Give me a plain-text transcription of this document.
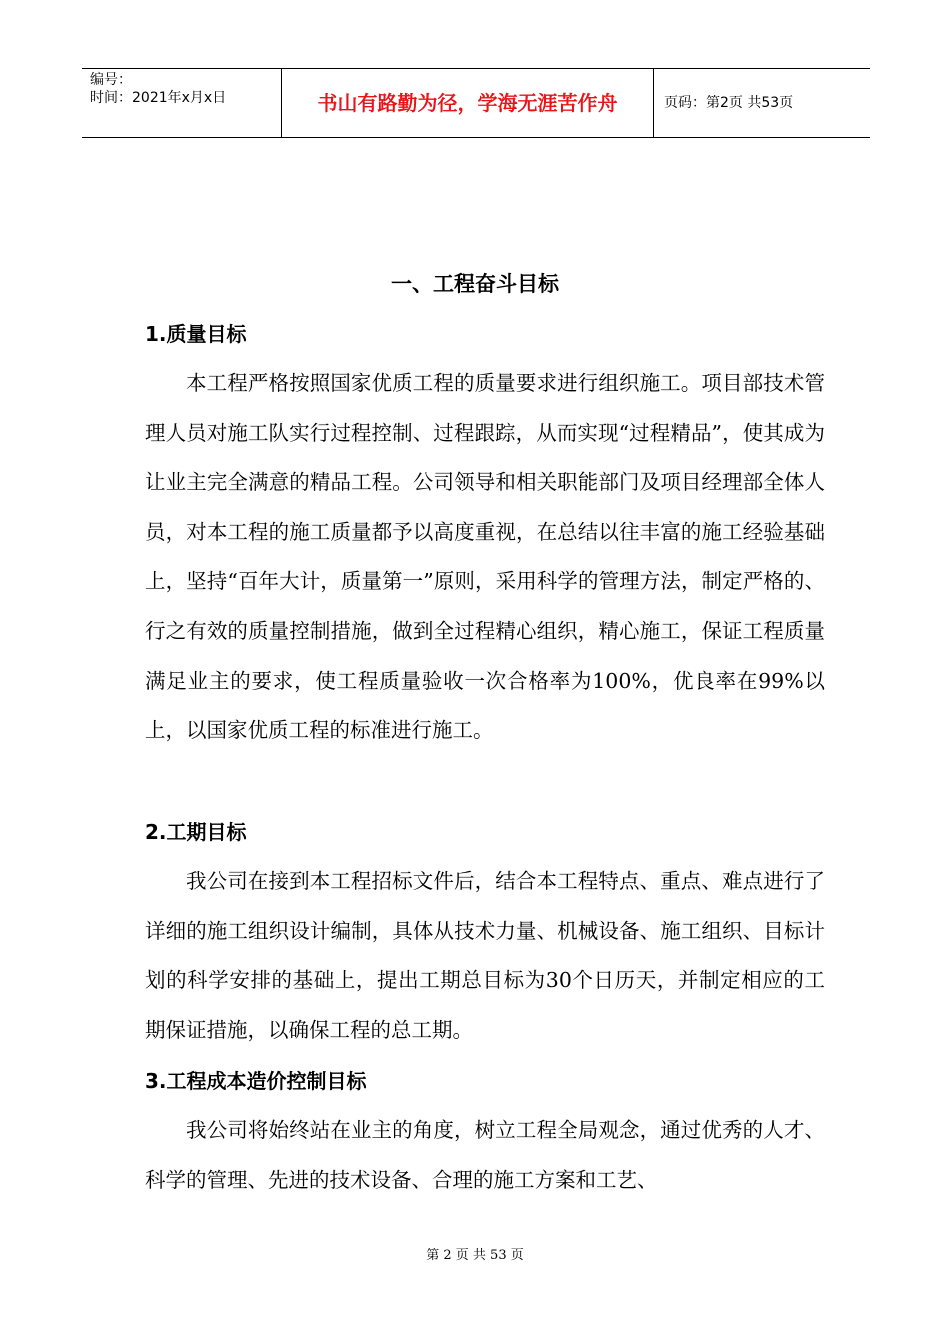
编号：
时间：2021年x月x日	书山有路勤为径，学海无涯苦作舟	页码：第2页 共53页
一、工程奋斗目标
1.质量目标

本工程严格按照国家优质工程的质量要求进行组织施工。项目部技术管理人员对施工队实行过程控制、过程跟踪，从而实现“过程精品”，使其成为让业主完全满意的精品工程。公司领导和相关职能部门及项目经理部全体人员，对本工程的施工质量都予以高度重视，在总结以往丰富的施工经验基础上，坚持“百年大计，质量第一”原则，采用科学的管理方法，制定严格的、行之有效的质量控制措施，做到全过程精心组织，精心施工，保证工程质量满足业主的要求，使工程质量验收一次合格率为100%，优良率在99%以上，以国家优质工程的标准进行施工。

2.工期目标

我公司在接到本工程招标文件后，结合本工程特点、重点、难点进行了详细的施工组织设计编制，具体从技术力量、机械设备、施工组织、目标计划的科学安排的基础上，提出工期总目标为30个日历天，并制定相应的工期保证措施，以确保工程的总工期。

3.工程成本造价控制目标

我公司将始终站在业主的角度，树立工程全局观念，通过优秀的人才、科学的管理、先进的技术设备、合理的施工方案和工艺、

第 2 页 共 53 页
